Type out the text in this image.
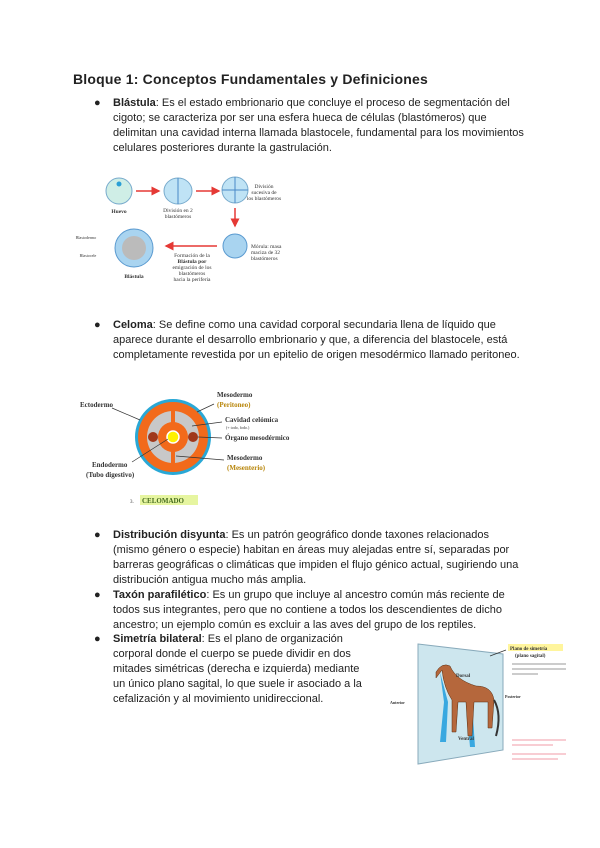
Bloque 1: Conceptos Fundamentales y Definiciones
● Blástula: Es el estado embrionario que concluye el proceso de segmentación del cigoto; se caracteriza por ser una esfera hueca de células (blastómeros) que delimitan una cavidad interna llamada blastocele, fundamental para los movimientos celulares posteriores durante la gastrulación.

Huevo	División en 2
blastómeros
División
sucesiva de
los blastómeros
Mórula: masa
maciza de 32
blastómeros
Formación de la
Blástula por
emigración de los
blastómeros
hacia la periferia
Blástula
Blastodermo
Blastocele
● Celoma: Se define como una cavidad corporal secundaria llena de líquido que aparece durante el desarrollo embrionario y que, a diferencia del blastocele, está completamente revestida por un epitelio de origen mesodérmico llamado peritoneo.

Ectodermo
Mesodermo
(Peritoneo)
Cavidad celómica
(+ todo, fodo.)
Órgano mesodérmico
Mesodermo
(Mesenterio)
Endodermo
(Tubo digestivo)
3. CELOMADO
● Distribución disyunta: Es un patrón geográfico donde taxones relacionados (mismo género o especie) habitan en áreas muy alejadas entre sí, separadas por barreras geográficas o climáticas que impiden el flujo génico actual, sugiriendo una distribución antigua mucho más amplia.

● Taxón parafilético: Es un grupo que incluye al ancestro común más reciente de todos sus integrantes, pero que no contiene a todos los descendientes de dicho ancestro; un ejemplo común es excluir a las aves del grupo de los reptiles.

● Simetría bilateral: Es el plano de organización corporal donde el cuerpo se puede dividir en dos mitades simétricas (derecha e izquierda) mediante un único plano sagital, lo que suele ir asociado a la cefalización y al movimiento unidireccional.

Plano de simetría
(plano sagital)
Dorsal
Ventral
Anterior
Posterior
